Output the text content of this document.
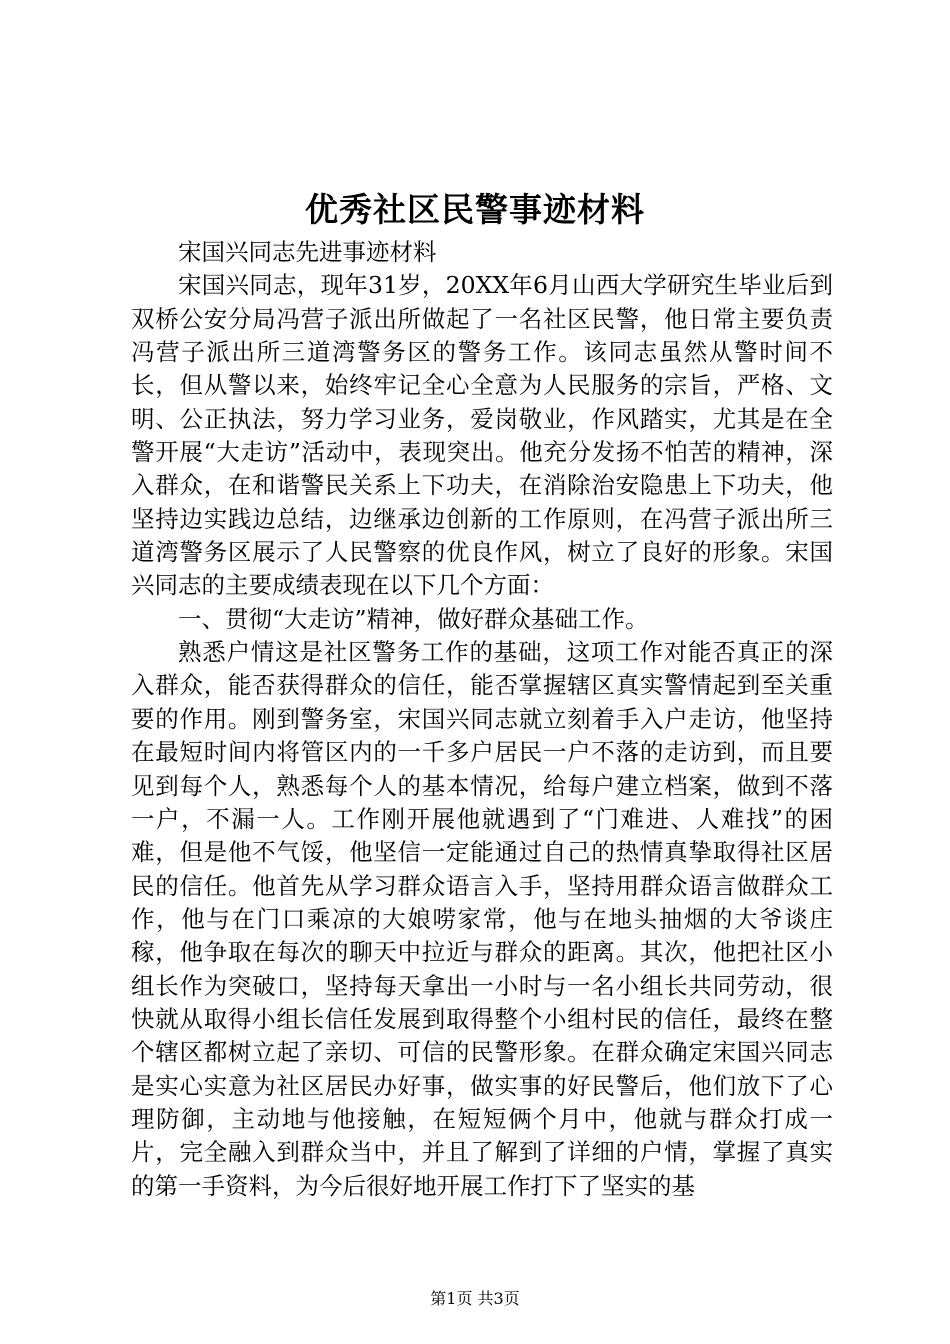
优秀社区民警事迹材料

宋国兴同志先进事迹材料

宋国兴同志，现年31岁，20XX年6月山西大学研究生毕业后到双桥公安分局冯营子派出所做起了一名社区民警，他日常主要负责冯营子派出所三道湾警务区的警务工作。该同志虽然从警时间不长，但从警以来，始终牢记全心全意为人民服务的宗旨，严格、文明、公正执法，努力学习业务，爱岗敬业，作风踏实，尤其是在全警开展“大走访”活动中，表现突出。他充分发扬不怕苦的精神，深入群众，在和谐警民关系上下功夫，在消除治安隐患上下功夫，他坚持边实践边总结，边继承边创新的工作原则，在冯营子派出所三道湾警务区展示了人民警察的优良作风，树立了良好的形象。宋国兴同志的主要成绩表现在以下几个方面：

一、贯彻“大走访”精神，做好群众基础工作。

熟悉户情这是社区警务工作的基础，这项工作对能否真正的深入群众，能否获得群众的信任，能否掌握辖区真实警情起到至关重要的作用。刚到警务室，宋国兴同志就立刻着手入户走访，他坚持在最短时间内将管区内的一千多户居民一户不落的走访到，而且要见到每个人，熟悉每个人的基本情况，给每户建立档案，做到不落一户，不漏一人。工作刚开展他就遇到了“门难进、人难找”的困难，但是他不气馁，他坚信一定能通过自己的热情真挚取得社区居民的信任。他首先从学习群众语言入手，坚持用群众语言做群众工作，他与在门口乘凉的大娘唠家常，他与在地头抽烟的大爷谈庄稼，他争取在每次的聊天中拉近与群众的距离。其次，他把社区小组长作为突破口，坚持每天拿出一小时与一名小组长共同劳动，很快就从取得小组长信任发展到取得整个小组村民的信任，最终在整个辖区都树立起了亲切、可信的民警形象。在群众确定宋国兴同志是实心实意为社区居民办好事，做实事的好民警后，他们放下了心理防御，主动地与他接触，在短短俩个月中，他就与群众打成一片，完全融入到群众当中，并且了解到了详细的户情，掌握了真实的第一手资料，为今后很好地开展工作打下了坚实的基

第1页 共3页
